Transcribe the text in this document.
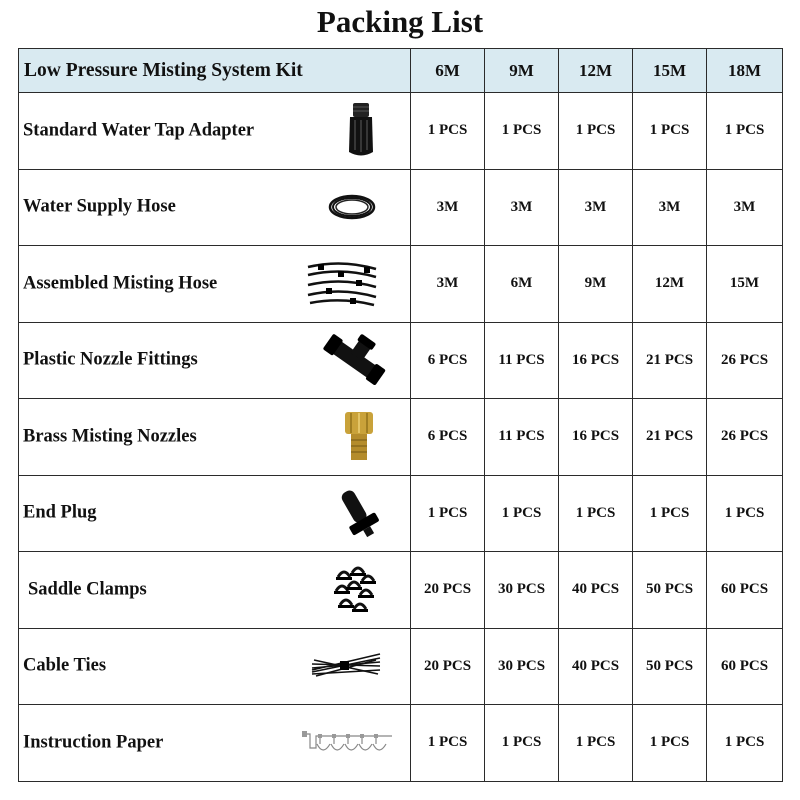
Packing List
Low Pressure Misting System Kit	6M	9M	12M	15M	18M

Standard Water Tap Adapter	1 PCS	1 PCS	1 PCS	1 PCS	1 PCS

Water Supply Hose	3M	3M	3M	3M	3M

Assembled Misting Hose	3M	6M	9M	12M	15M

Plastic Nozzle Fittings	6 PCS	11 PCS	16 PCS	21 PCS	26 PCS

Brass Misting Nozzles	6 PCS	11 PCS	16 PCS	21 PCS	26 PCS

End Plug	1 PCS	1 PCS	1 PCS	1 PCS	1 PCS

Saddle Clamps	20 PCS	30 PCS	40 PCS	50 PCS	60 PCS

Cable Ties	20 PCS	30 PCS	40 PCS	50 PCS	60 PCS

Instruction Paper	1 PCS	1 PCS	1 PCS	1 PCS	1 PCS
